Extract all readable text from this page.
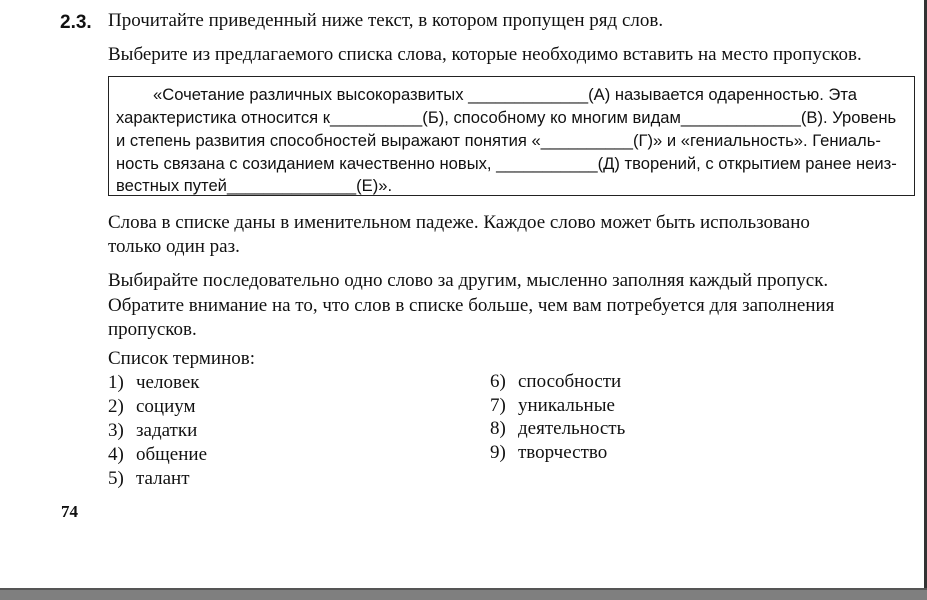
2.3. Прочитайте приведенный ниже текст, в котором пропущен ряд слов.
Выберите из предлагаемого списка слова, которые необходимо вставить на место пропусков.
«Сочетание различных высокоразвитых _____________(А) называется одаренностью. Эта
характеристика относится к__________(Б), способному ко многим видам_____________(В). Уровень
и степень развития способностей выражают понятия «__________(Г)» и «гениальность». Гениаль-
ность связана с созиданием качественно новых, ___________(Д) творений, с открытием ранее неиз-
вестных путей______________(Е)».
Слова в списке даны в именительном падеже. Каждое слово может быть использовано
только один раз.
Выбирайте последовательно одно слово за другим, мысленно заполняя каждый пропуск.
Обратите внимание на то, что слов в списке больше, чем вам потребуется для заполнения
пропусков.
Список терминов:
1) человек
2) социум
3) задатки
4) общение
5) талант
6) способности
7) уникальные
8) деятельность
9) творчество
74
